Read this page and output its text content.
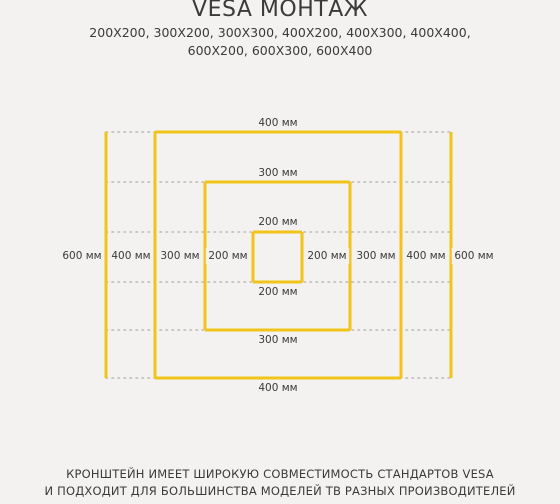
VESA МОНТАЖ
200X200, 300X200, 300X300, 400X200, 400X300, 400X400,
600X200, 600X300, 600X400
400 мм
300 мм
200 мм
200 мм
300 мм
400 мм
600 мм 400 мм 300 мм 200 мм	200 мм 300 мм 400 мм 600 мм
КРОНШТЕЙН ИМЕЕТ ШИРОКУЮ СОВМЕСТИМОСТЬ СТАНДАРТОВ VESA
И ПОДХОДИТ ДЛЯ БОЛЬШИНСТВА МОДЕЛЕЙ ТВ РАЗНЫХ ПРОИЗВОДИТЕЛЕЙ
